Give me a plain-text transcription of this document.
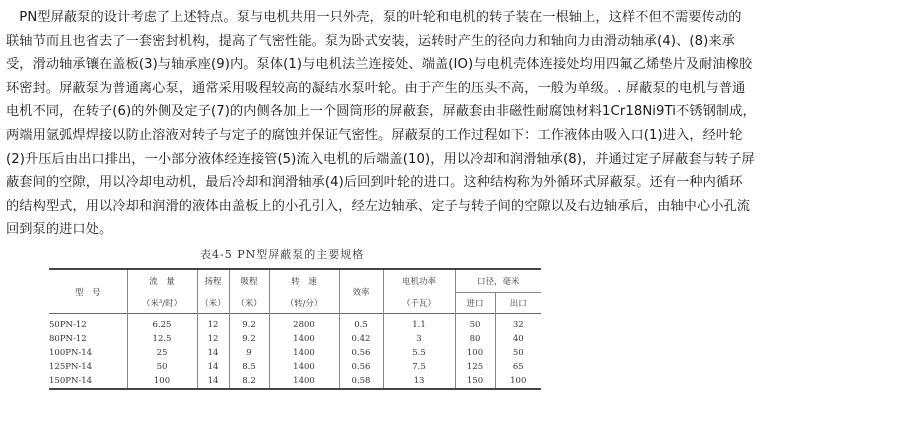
　PN型屏蔽泵的设计考虑了上述特点。泵与电机共用一只外壳，泵的叶轮和电机的转子装在一根轴上，这样不但不需要传动的
联轴节而且也省去了一套密封机构，提高了气密性能。泵为卧式安装，运转时产生的径向力和轴向力由滑动轴承(4)、(8)来承
受，滑动轴承镶在盖板(3)与轴承座(9)内。泵体(1)与电机法兰连接处、端盖(IO)与电机壳体连接处均用四氟乙烯垫片及耐油橡胶
环密封。屏蔽泵为普通离心泵，通常采用吸程较高的凝结水泵叶轮。由于产生的压头不高，一般为单级。. 屏蔽泵的电机与普通
电机不同，在转子(6)的外侧及定子(7)的内侧各加上一个圆筒形的屏蔽套，屏蔽套由非磁性耐腐蚀材料1Cr18Ni9Ti不锈钢制成，
两端用氩弧焊焊接以防止溶液对转子与定子的腐蚀并保证气密性。屏蔽泵的工作过程如下：工作液体由吸入口(1)进入，经叶轮
(2)升压后由出口排出，一小部分液体经连接管(5)流入电机的后端盖(10)，用以冷却和润滑轴承(8)，并通过定子屏蔽套与转子屏
蔽套间的空隙，用以冷却电动机，最后冷却和润滑轴承(4)后回到叶轮的进口。这种结构称为外循环式屏蔽泵。还有一种内循环
的结构型式，用以冷却和润滑的液体由盖板上的小孔引入，经左边轴承、定子与转子间的空隙以及右边轴承后，由轴中心小孔流
回到泵的进口处。

表4-5 PN型屏蔽泵的主要规格

型　号	流　量	扬程	吸程	转　速	效率	电机功率	口径，毫米	
	（米³/时）	（米）	（米）	（转/分）		（千瓦）	进口	出口
50PN-12	6.25	12	9.2	2800	0.5	1.1	50	32
80PN-12	12.5	12	9.2	1400	0.42	3	80	40
100PN-14	25	14	9	1400	0.56	5.5	100	50
125PN-14	50	14	8.5	1400	0.56	7.5	125	65
150PN-14	100	14	8.2	1400	0.58	13	150	100
